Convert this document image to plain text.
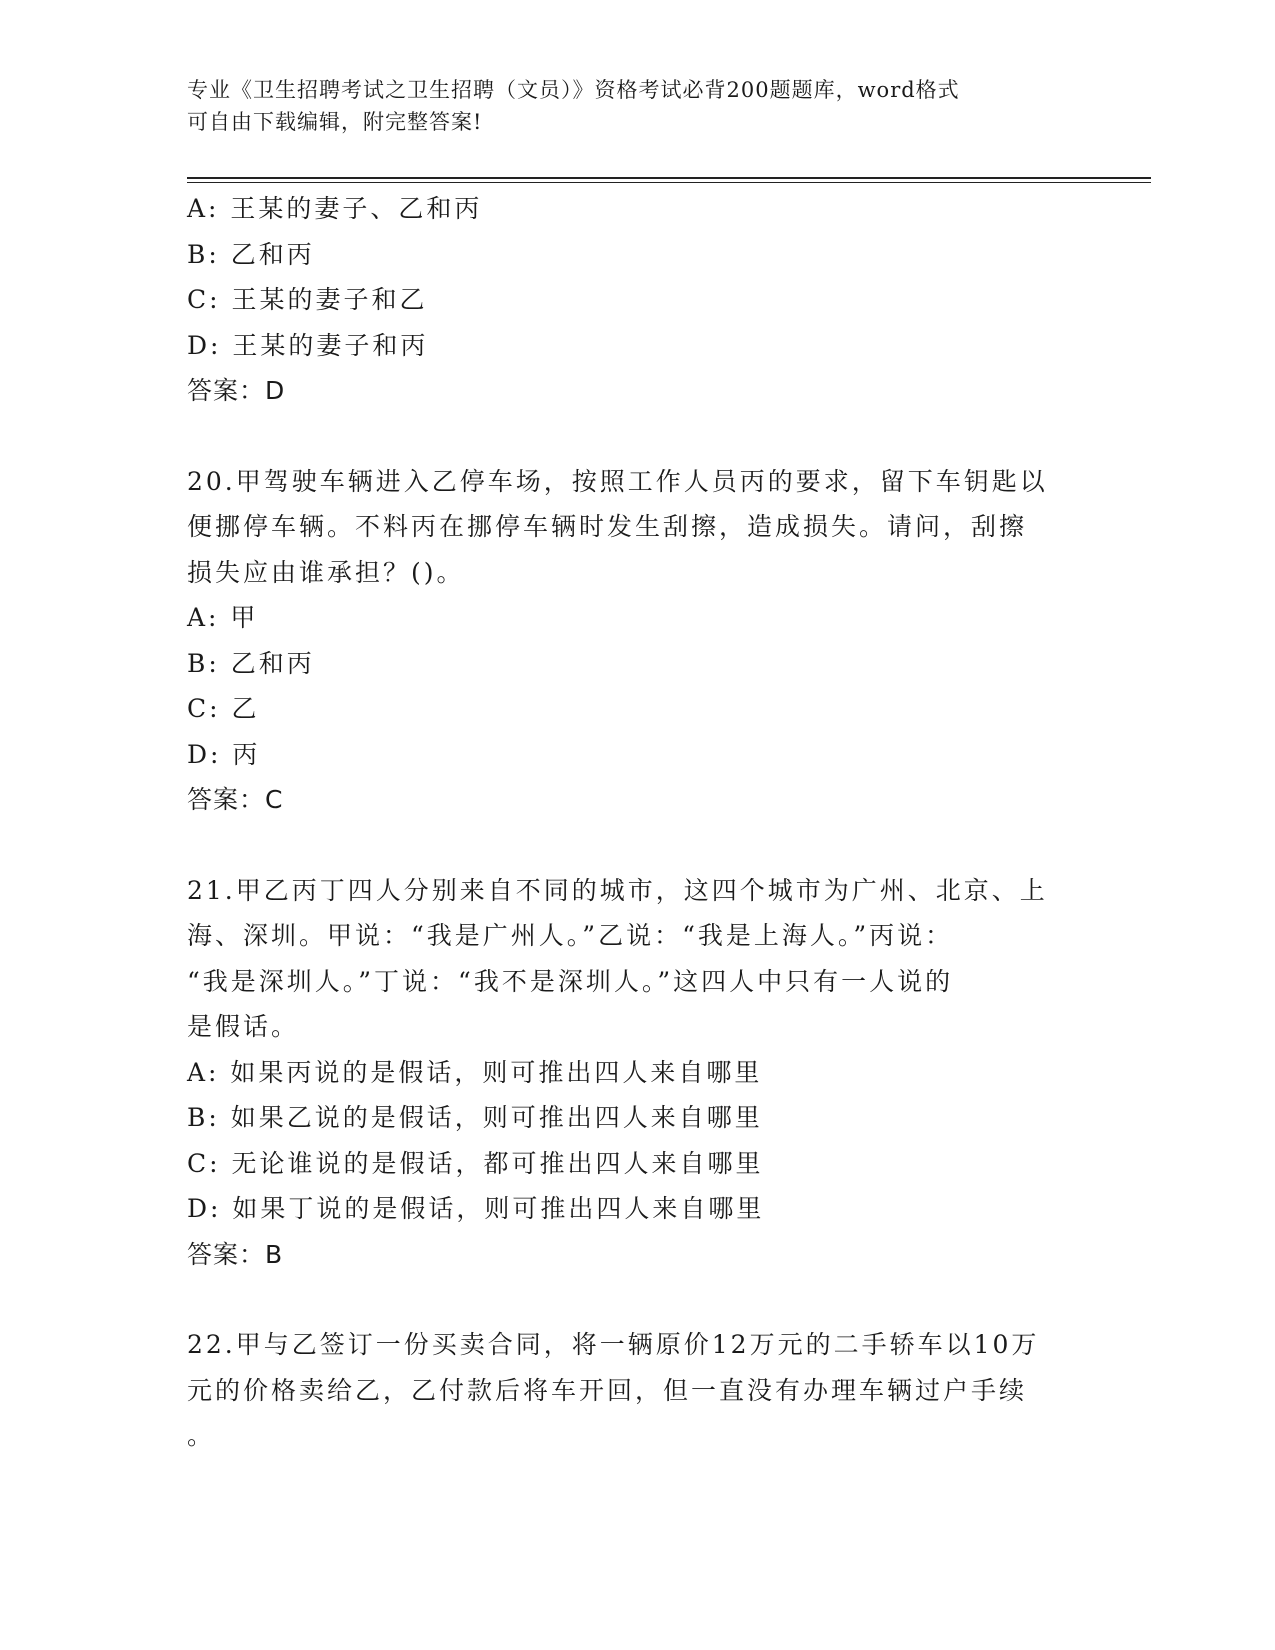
专业《卫生招聘考试之卫生招聘（文员）》资格考试必背200题题库，word格式
可自由下载编辑，附完整答案!
A: 王某的妻子、乙和丙
B: 乙和丙
C: 王某的妻子和乙
D: 王某的妻子和丙
答案：D
20.甲驾驶车辆进入乙停车场，按照工作人员丙的要求，留下车钥匙以
便挪停车辆。不料丙在挪停车辆时发生刮擦，造成损失。请问，刮擦
损失应由谁承担？()。
A: 甲
B: 乙和丙
C: 乙
D: 丙
答案：C
21.甲乙丙丁四人分别来自不同的城市，这四个城市为广州、北京、上
海、深圳。甲说：“我是广州人。”乙说：“我是上海人。”丙说：
“我是深圳人。”丁说：“我不是深圳人。”这四人中只有一人说的
是假话。
A: 如果丙说的是假话，则可推出四人来自哪里
B: 如果乙说的是假话，则可推出四人来自哪里
C: 无论谁说的是假话，都可推出四人来自哪里
D: 如果丁说的是假话，则可推出四人来自哪里
答案：B
22.甲与乙签订一份买卖合同，将一辆原价12万元的二手轿车以10万
元的价格卖给乙，乙付款后将车开回，但一直没有办理车辆过户手续
。
